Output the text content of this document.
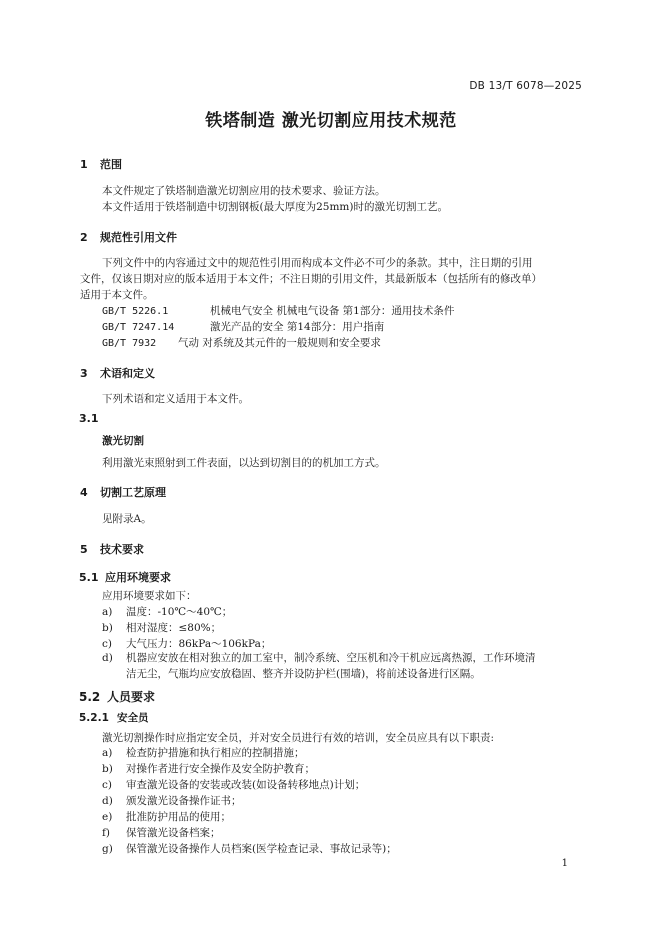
DB 13/T 6078—2025
铁塔制造 激光切割应用技术规范
1 范围
本文件规定了铁塔制造激光切割应用的技术要求、验证方法。
本文件适用于铁塔制造中切割钢板(最大厚度为25mm)时的激光切割工艺。
2 规范性引用文件
下列文件中的内容通过文中的规范性引用而构成本文件必不可少的条款。其中，注日期的引用
文件，仅该日期对应的版本适用于本文件；不注日期的引用文件，其最新版本（包括所有的修改单）
适用于本文件。
GB/T 5226.1	机械电气安全 机械电气设备 第1部分：通用技术条件
GB/T 7247.14	激光产品的安全 第14部分：用户指南
GB/T 7932 气动 对系统及其元件的一般规则和安全要求
3 术语和定义
下列术语和定义适用于本文件。
3.1
激光切割
利用激光束照射到工件表面，以达到切割目的的机加工方式。
4 切割工艺原理
见附录A。
5 技术要求
5.1 应用环境要求
应用环境要求如下：
a) 温度：-10℃～40℃；
b) 相对湿度：≤80%；
c) 大气压力：86kPa～106kPa；
d) 机器应安放在相对独立的加工室中，制冷系统、空压机和冷干机应远离热源，工作环境清
洁无尘，气瓶均应安放稳固、整齐并设防护栏(围墙)，将前述设备进行区隔。
5.2 人员要求
5.2.1 安全员
激光切割操作时应指定安全员，并对安全员进行有效的培训，安全员应具有以下职责:
a) 检查防护措施和执行相应的控制措施；
b) 对操作者进行安全操作及安全防护教育；
c) 审查激光设备的安装或改装(如设备转移地点)计划；
d) 颁发激光设备操作证书；
e) 批准防护用品的使用；
f) 保管激光设备档案；
g) 保管激光设备操作人员档案(医学检查记录、事故记录等)；
1
